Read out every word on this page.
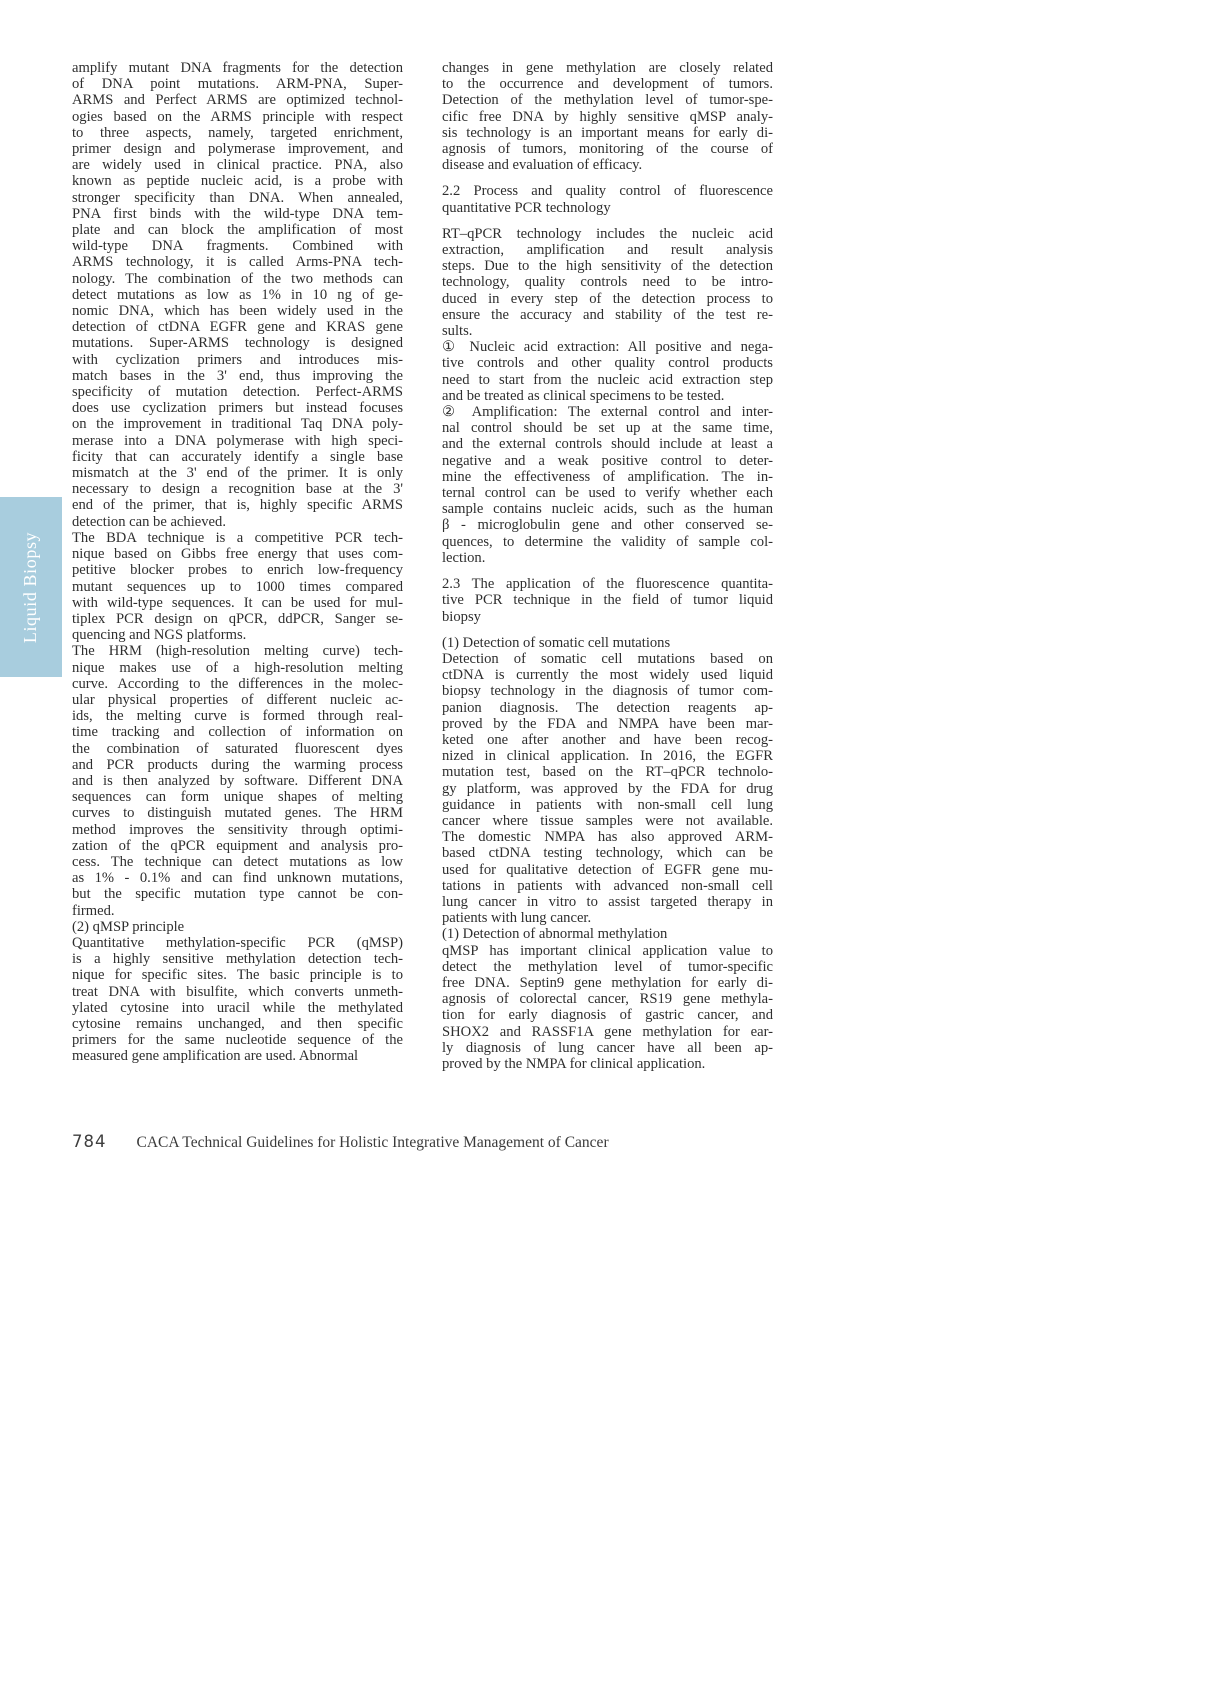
Liquid Biopsy
amplify mutant DNA fragments for the detection
of DNA point mutations. ARM-PNA, Super-
ARMS and Perfect ARMS are optimized technol-
ogies based on the ARMS principle with respect
to three aspects, namely, targeted enrichment,
primer design and polymerase improvement, and
are widely used in clinical practice. PNA, also
known as peptide nucleic acid, is a probe with
stronger specificity than DNA. When annealed,
PNA first binds with the wild-type DNA tem-
plate and can block the amplification of most
wild-type DNA fragments. Combined with
ARMS technology, it is called Arms-PNA tech-
nology. The combination of the two methods can
detect mutations as low as 1% in 10 ng of ge-
nomic DNA, which has been widely used in the
detection of ctDNA EGFR gene and KRAS gene
mutations. Super-ARMS technology is designed
with cyclization primers and introduces mis-
match bases in the 3' end, thus improving the
specificity of mutation detection. Perfect-ARMS
does use cyclization primers but instead focuses
on the improvement in traditional Taq DNA poly-
merase into a DNA polymerase with high speci-
ficity that can accurately identify a single base
mismatch at the 3' end of the primer. It is only
necessary to design a recognition base at the 3'
end of the primer, that is, highly specific ARMS
detection can be achieved.
The BDA technique is a competitive PCR tech-
nique based on Gibbs free energy that uses com-
petitive blocker probes to enrich low-frequency
mutant sequences up to 1000 times compared
with wild-type sequences. It can be used for mul-
tiplex PCR design on qPCR, ddPCR, Sanger se-
quencing and NGS platforms.
The HRM (high-resolution melting curve) tech-
nique makes use of a high-resolution melting
curve. According to the differences in the molec-
ular physical properties of different nucleic ac-
ids, the melting curve is formed through real-
time tracking and collection of information on
the combination of saturated fluorescent dyes
and PCR products during the warming process
and is then analyzed by software. Different DNA
sequences can form unique shapes of melting
curves to distinguish mutated genes. The HRM
method improves the sensitivity through optimi-
zation of the qPCR equipment and analysis pro-
cess. The technique can detect mutations as low
as 1% - 0.1% and can find unknown mutations,
but the specific mutation type cannot be con-
firmed.
(2) qMSP principle
Quantitative methylation-specific PCR (qMSP)
is a highly sensitive methylation detection tech-
nique for specific sites. The basic principle is to
treat DNA with bisulfite, which converts unmeth-
ylated cytosine into uracil while the methylated
cytosine remains unchanged, and then specific
primers for the same nucleotide sequence of the
measured gene amplification are used. Abnormal
changes in gene methylation are closely related
to the occurrence and development of tumors.
Detection of the methylation level of tumor-spe-
cific free DNA by highly sensitive qMSP analy-
sis technology is an important means for early di-
agnosis of tumors, monitoring of the course of
disease and evaluation of efficacy.
2.2 Process and quality control of fluorescence
quantitative PCR technology
RT–qPCR technology includes the nucleic acid
extraction, amplification and result analysis
steps. Due to the high sensitivity of the detection
technology, quality controls need to be intro-
duced in every step of the detection process to
ensure the accuracy and stability of the test re-
sults.
① Nucleic acid extraction: All positive and nega-
tive controls and other quality control products
need to start from the nucleic acid extraction step
and be treated as clinical specimens to be tested.
② Amplification: The external control and inter-
nal control should be set up at the same time,
and the external controls should include at least a
negative and a weak positive control to deter-
mine the effectiveness of amplification. The in-
ternal control can be used to verify whether each
sample contains nucleic acids, such as the human
β - microglobulin gene and other conserved se-
quences, to determine the validity of sample col-
lection.
2.3 The application of the fluorescence quantita-
tive PCR technique in the field of tumor liquid
biopsy
(1) Detection of somatic cell mutations
Detection of somatic cell mutations based on
ctDNA is currently the most widely used liquid
biopsy technology in the diagnosis of tumor com-
panion diagnosis. The detection reagents ap-
proved by the FDA and NMPA have been mar-
keted one after another and have been recog-
nized in clinical application. In 2016, the EGFR
mutation test, based on the RT–qPCR technolo-
gy platform, was approved by the FDA for drug
guidance in patients with non-small cell lung
cancer where tissue samples were not available.
The domestic NMPA has also approved ARM-
based ctDNA testing technology, which can be
used for qualitative detection of EGFR gene mu-
tations in patients with advanced non-small cell
lung cancer in vitro to assist targeted therapy in
patients with lung cancer.
(1) Detection of abnormal methylation
qMSP has important clinical application value to
detect the methylation level of tumor-specific
free DNA. Septin9 gene methylation for early di-
agnosis of colorectal cancer, RS19 gene methyla-
tion for early diagnosis of gastric cancer, and
SHOX2 and RASSF1A gene methylation for ear-
ly diagnosis of lung cancer have all been ap-
proved by the NMPA for clinical application.
784 CACA Technical Guidelines for Holistic Integrative Management of Cancer
